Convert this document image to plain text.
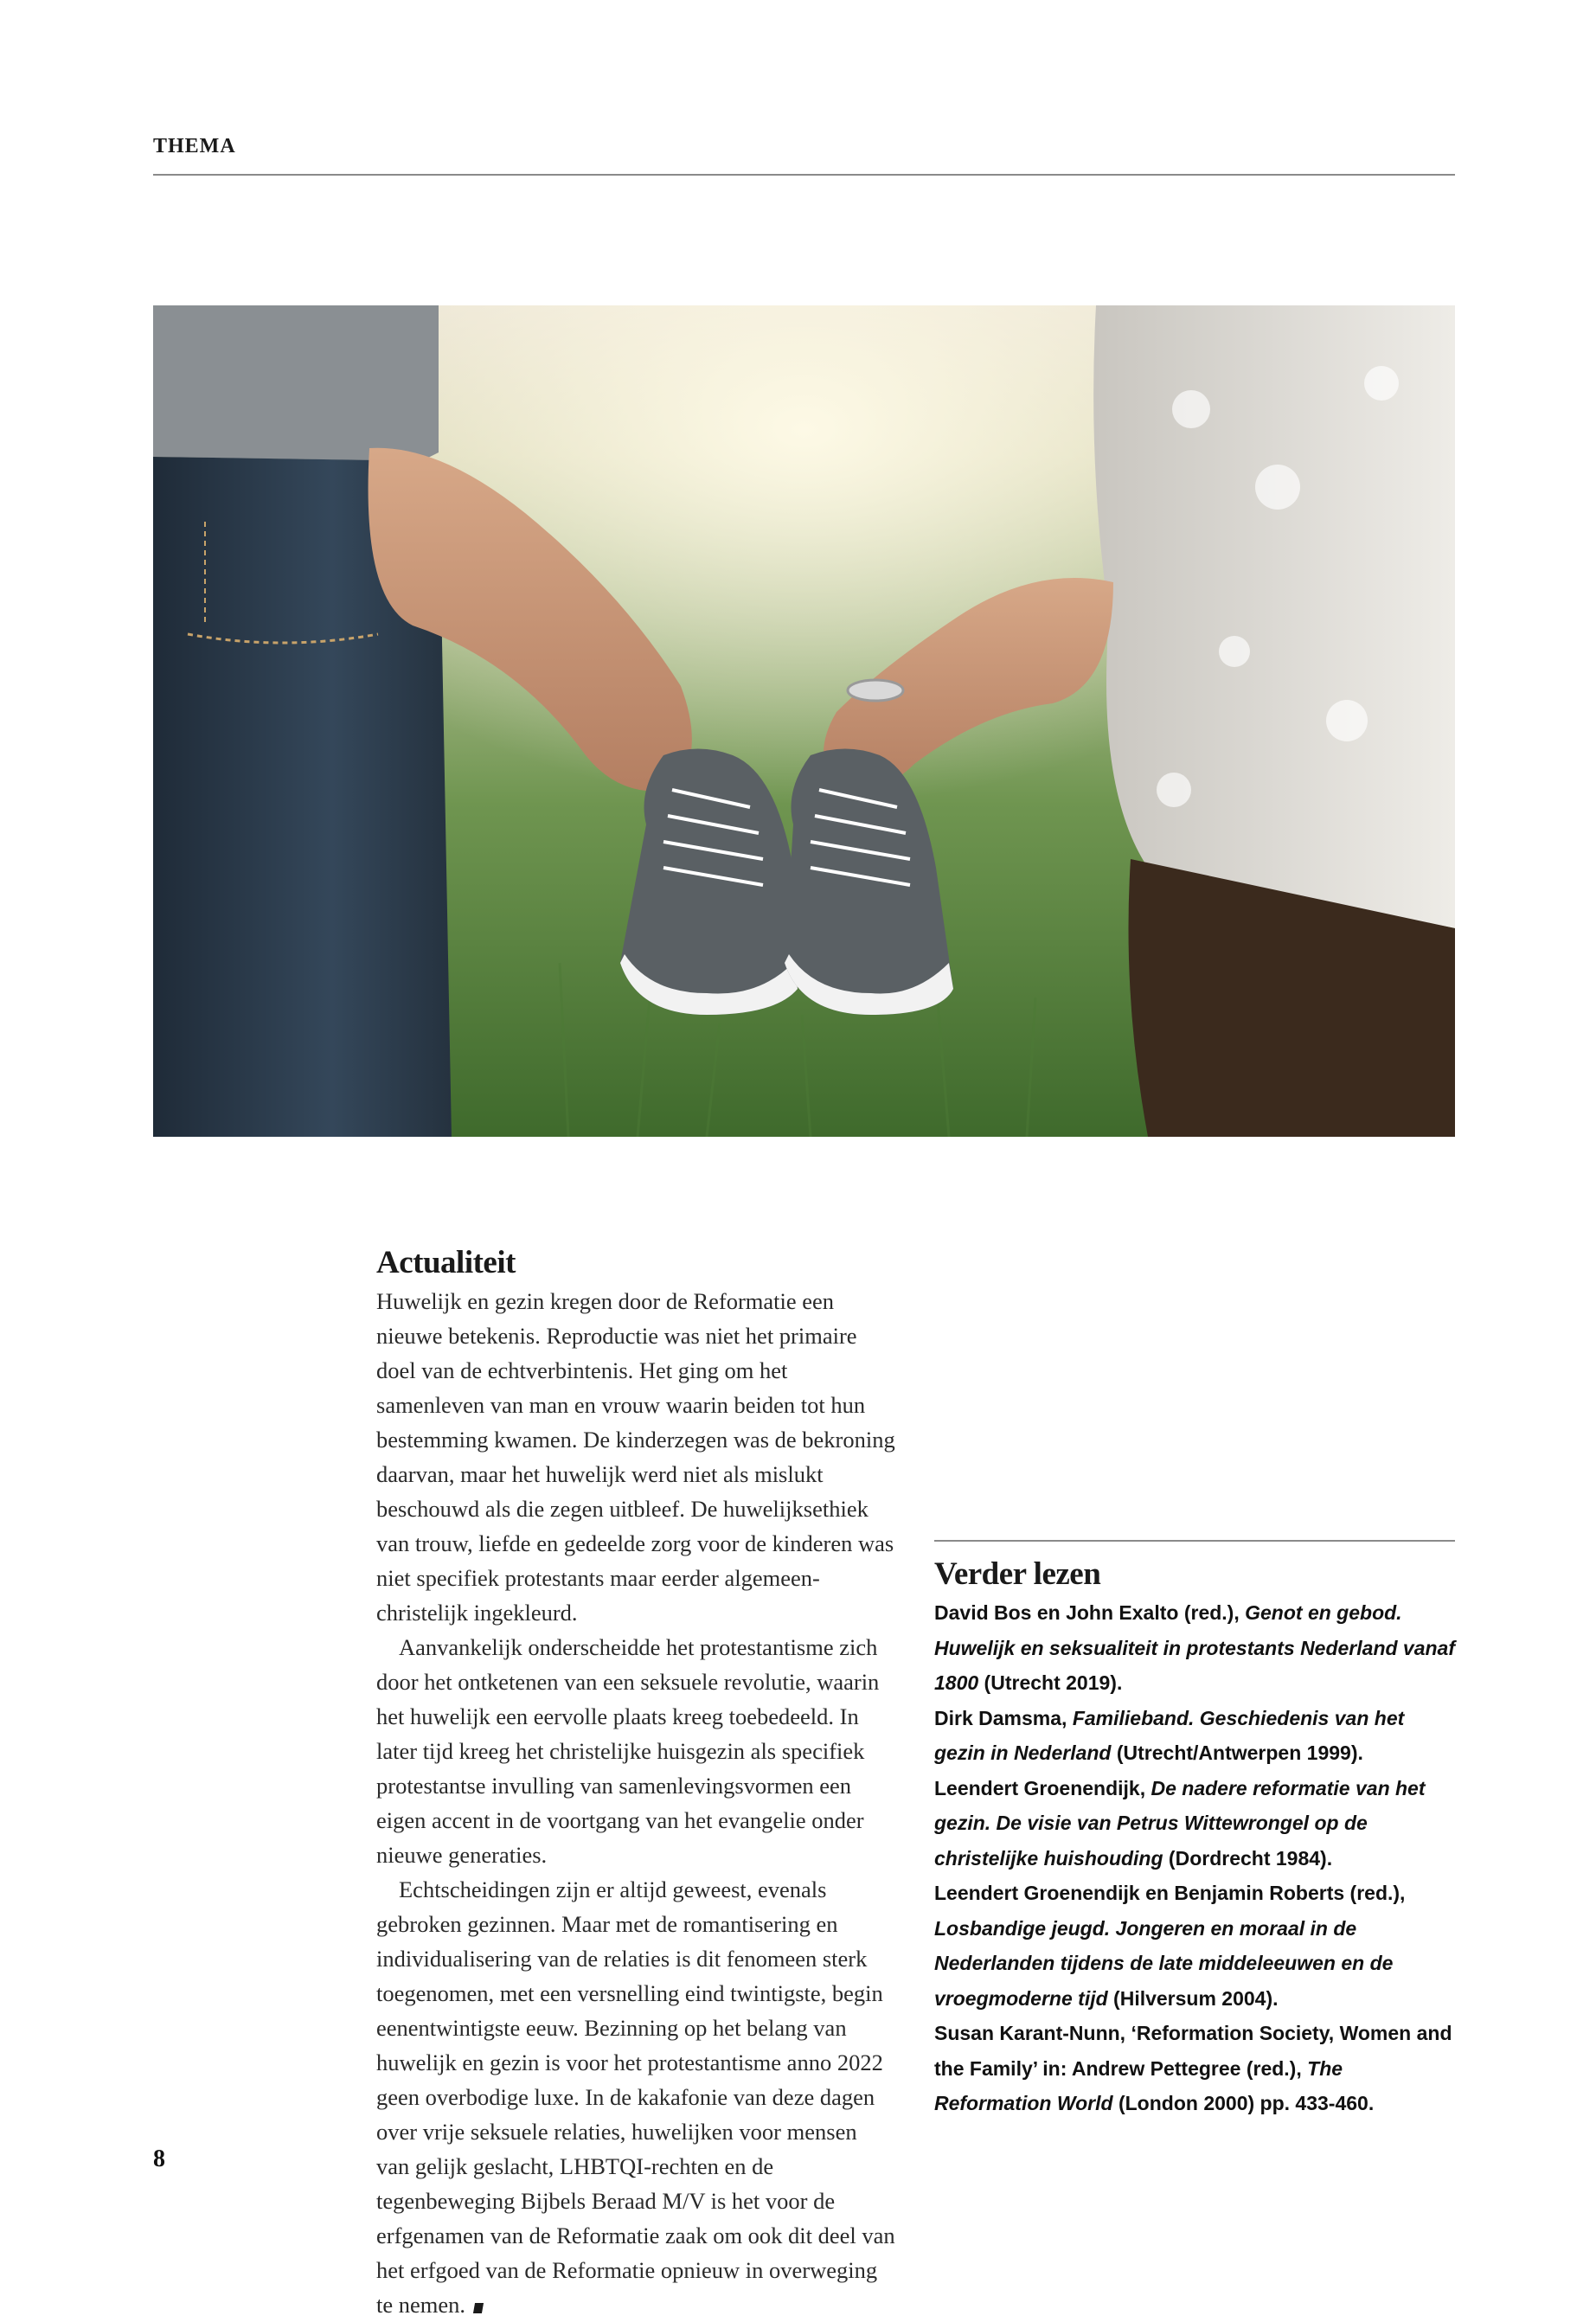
THEMA
Actualiteit

Huwelijk en gezin kregen door de Reformatie een nieuwe betekenis. Reproductie was niet het primaire doel van de echtverbintenis. Het ging om het samenleven van man en vrouw waarin beiden tot hun bestemming kwamen. De kinderzegen was de bekroning daarvan, maar het huwelijk werd niet als mislukt beschouwd als die zegen uitbleef. De huwelijksethiek van trouw, liefde en gedeelde zorg voor de kinderen was niet specifiek protestants maar eerder algemeen-christelijk ingekleurd.

Aanvankelijk onderscheidde het protestantisme zich door het ontketenen van een seksuele revolutie, waarin het huwelijk een eervolle plaats kreeg toebedeeld. In later tijd kreeg het christelijke huisgezin als specifiek protestantse invulling van samenlevingsvormen een eigen accent in de voortgang van het evangelie onder nieuwe generaties.

Echtscheidingen zijn er altijd geweest, evenals gebroken gezinnen. Maar met de romantisering en individualisering van de relaties is dit fenomeen sterk toegenomen, met een versnelling eind twintigste, begin eenentwintigste eeuw. Bezinning op het belang van huwelijk en gezin is voor het protestantisme anno 2022 geen overbodige luxe. In de kakafonie van deze dagen over vrije seksuele relaties, huwelijken voor mensen van gelijk geslacht, LHBTQI-rechten en de tegenbeweging Bijbels Beraad M/V is het voor de erfgenamen van de Reformatie zaak om ook dit deel van het erfgoed van de Reformatie opnieuw in overweging te nemen.

Verder lezen
David Bos en John Exalto (red.), Genot en gebod. Huwelijk en seksualiteit in protestants Nederland vanaf 1800 (Utrecht 2019).
Dirk Damsma, Familieband. Geschiedenis van het gezin in Nederland (Utrecht/Antwerpen 1999).
Leendert Groenendijk, De nadere reformatie van het gezin. De visie van Petrus Wittewrongel op de christelijke huishouding (Dordrecht 1984).
Leendert Groenendijk en Benjamin Roberts (red.), Losbandige jeugd. Jongeren en moraal in de Nederlanden tijdens de late middeleeuwen en de vroegmoderne tijd (Hilversum 2004).
Susan Karant-Nunn, ‘Reformation Society, Women and the Family’ in: Andrew Pettegree (red.), The Reformation World (London 2000) pp. 433-460.
8
